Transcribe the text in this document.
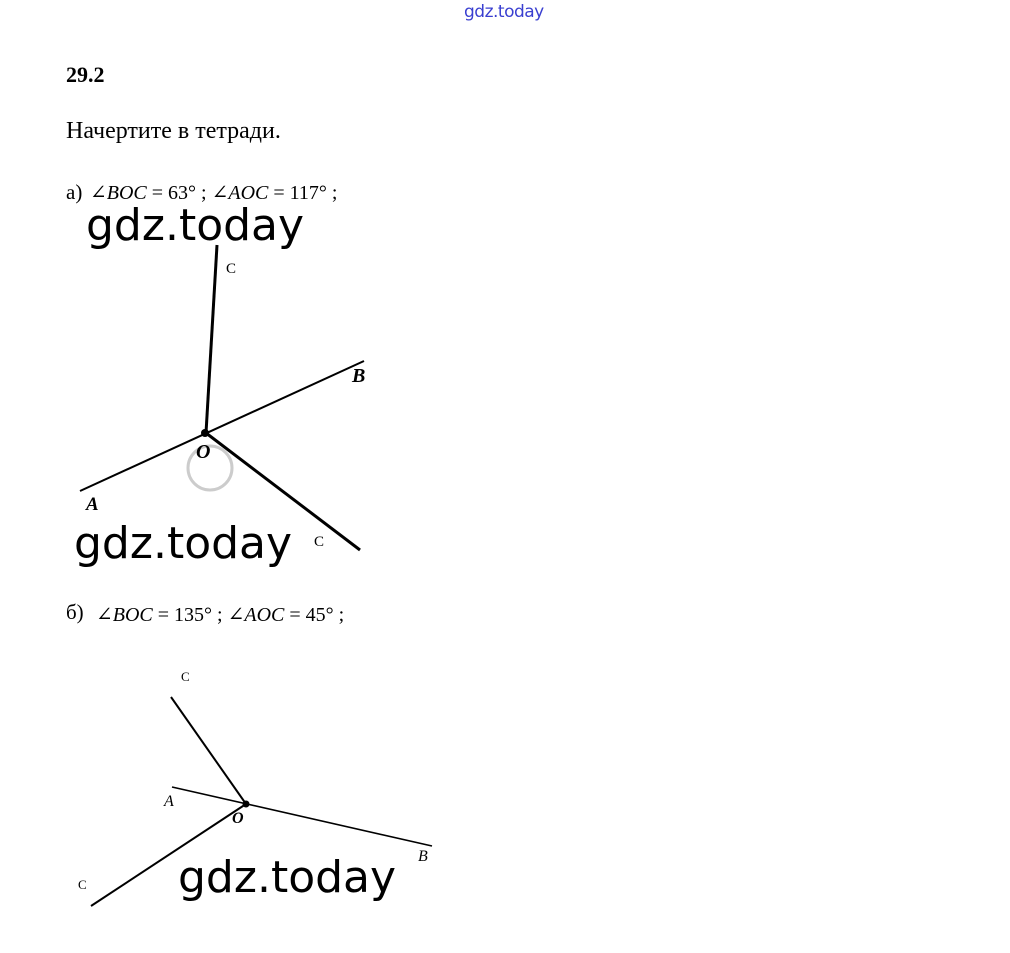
gdz.today
29.2
Начертите в тетради.
а) ∠BOC = 63° ; ∠AOC = 117° ;
C
B
O
A
C
C
A
O
B
C
gdz.today
gdz.today
gdz.today
б) ∠BOC = 135° ; ∠AOC = 45° ;
